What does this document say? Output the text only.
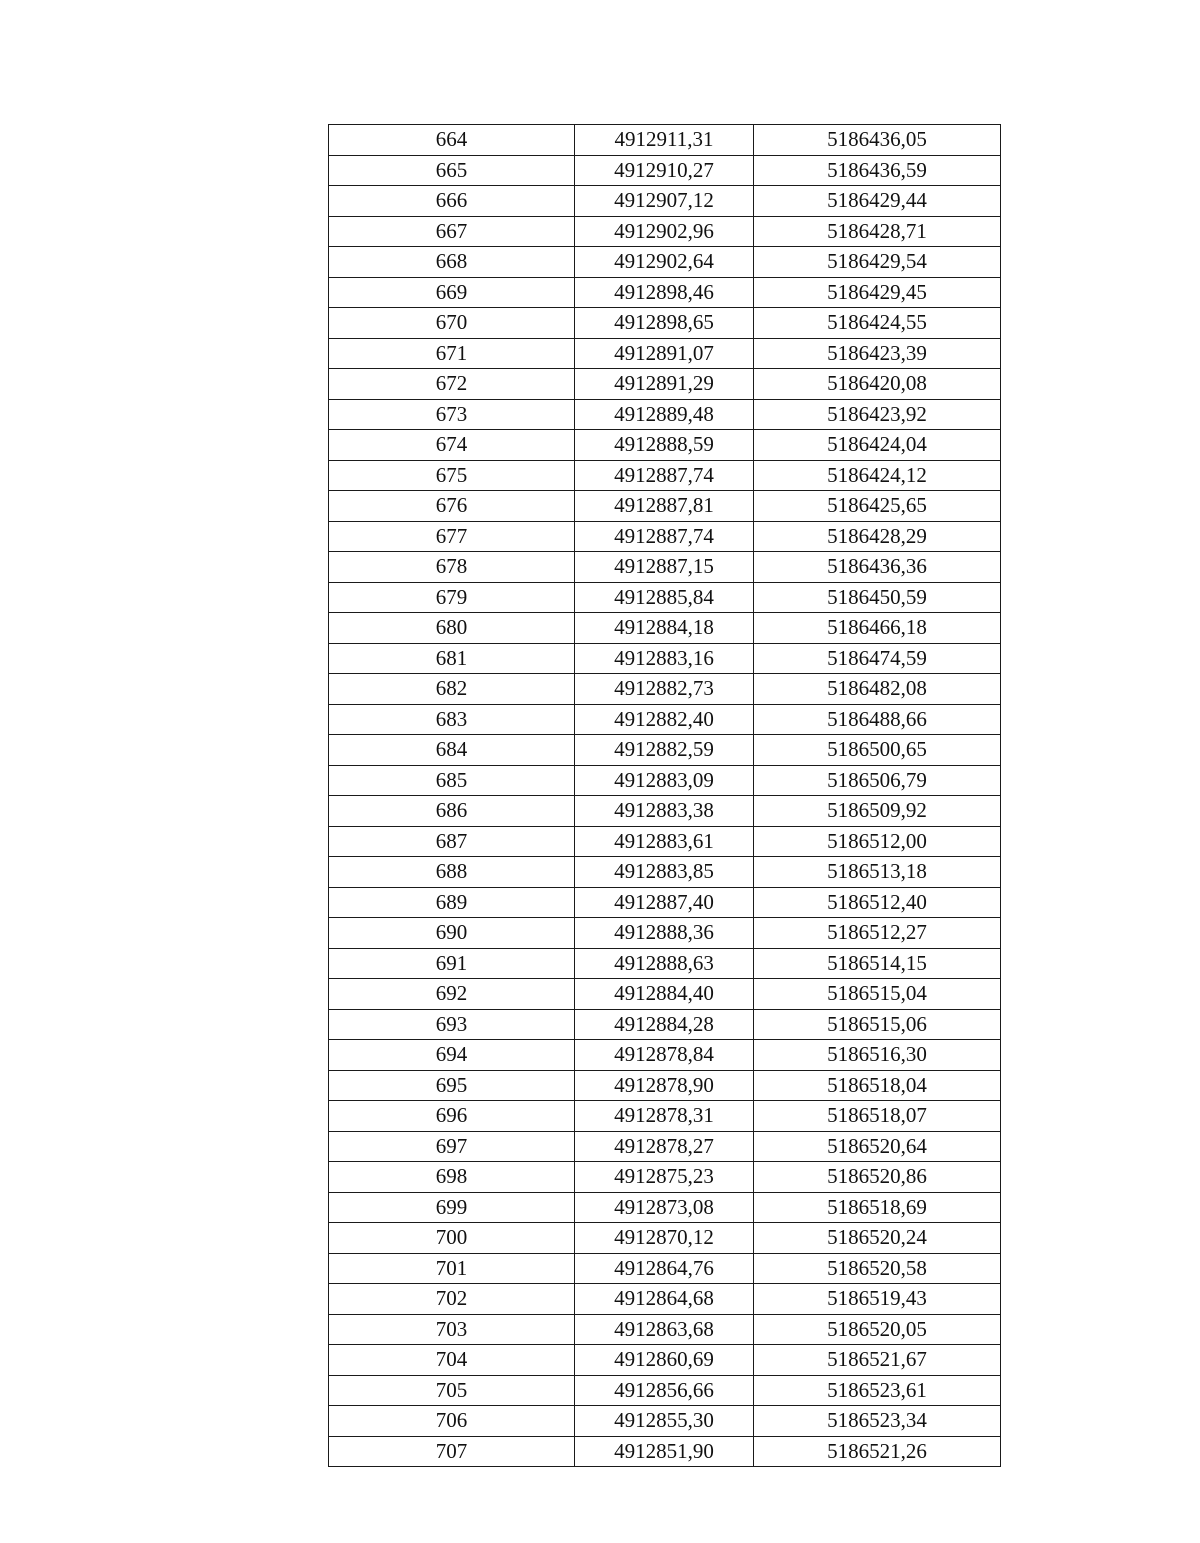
664	4912911,31	5186436,05
665	4912910,27	5186436,59
666	4912907,12	5186429,44
667	4912902,96	5186428,71
668	4912902,64	5186429,54
669	4912898,46	5186429,45
670	4912898,65	5186424,55
671	4912891,07	5186423,39
672	4912891,29	5186420,08
673	4912889,48	5186423,92
674	4912888,59	5186424,04
675	4912887,74	5186424,12
676	4912887,81	5186425,65
677	4912887,74	5186428,29
678	4912887,15	5186436,36
679	4912885,84	5186450,59
680	4912884,18	5186466,18
681	4912883,16	5186474,59
682	4912882,73	5186482,08
683	4912882,40	5186488,66
684	4912882,59	5186500,65
685	4912883,09	5186506,79
686	4912883,38	5186509,92
687	4912883,61	5186512,00
688	4912883,85	5186513,18
689	4912887,40	5186512,40
690	4912888,36	5186512,27
691	4912888,63	5186514,15
692	4912884,40	5186515,04
693	4912884,28	5186515,06
694	4912878,84	5186516,30
695	4912878,90	5186518,04
696	4912878,31	5186518,07
697	4912878,27	5186520,64
698	4912875,23	5186520,86
699	4912873,08	5186518,69
700	4912870,12	5186520,24
701	4912864,76	5186520,58
702	4912864,68	5186519,43
703	4912863,68	5186520,05
704	4912860,69	5186521,67
705	4912856,66	5186523,61
706	4912855,30	5186523,34
707	4912851,90	5186521,26
